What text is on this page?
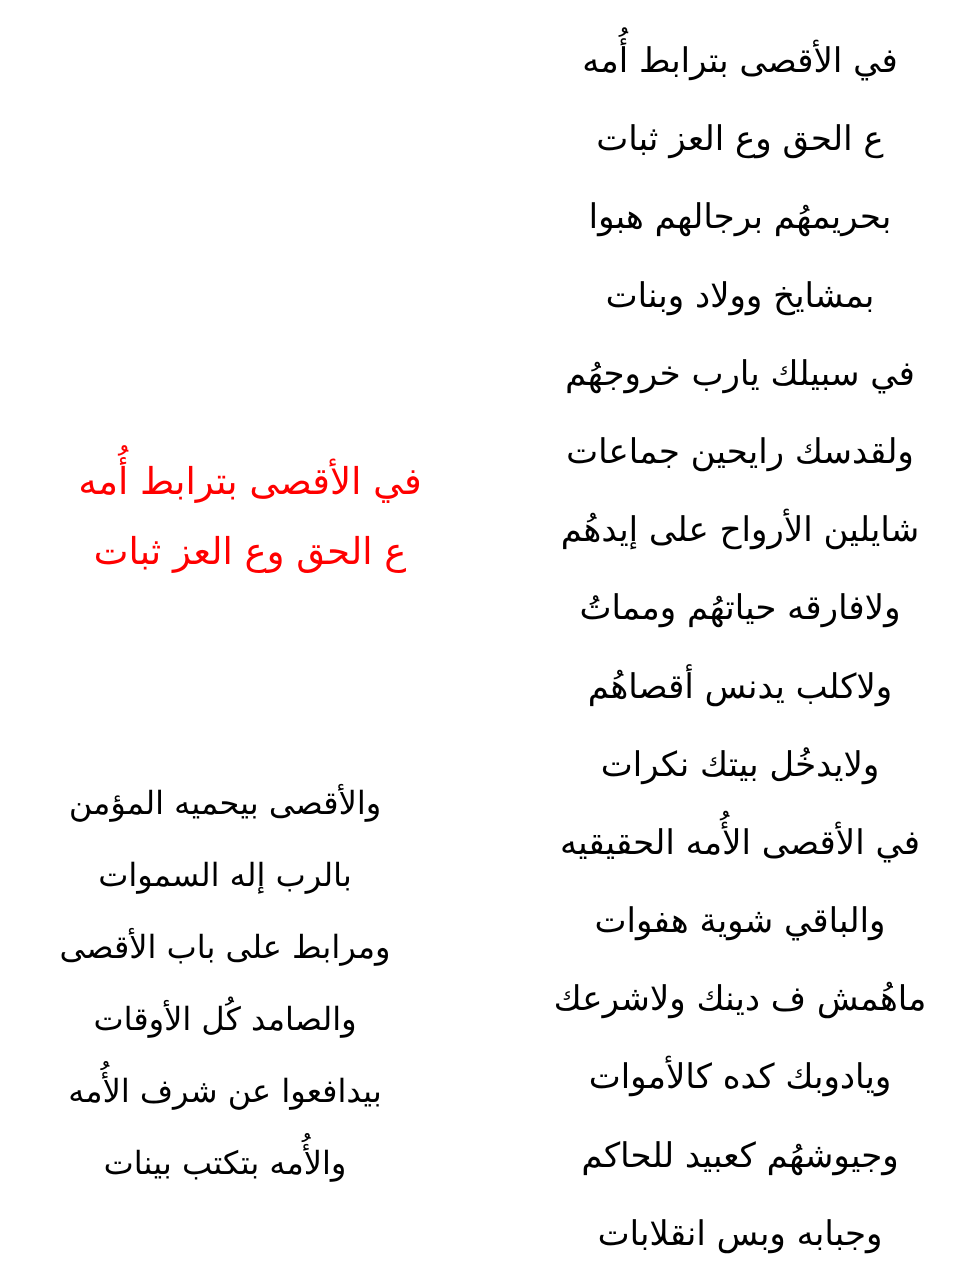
في الأقصى بترابط أُمه
ع الحق وع العز ثبات
بحريمهُم برجالهم هبوا
بمشايخ وولاد وبنات
في سبيلك يارب خروجهُم
ولقدسك رايحين جماعات
شايلين الأرواح على إيدهُم
ولافارقه حياتهُم ومماتُ
ولاكلب يدنس أقصاهُم
ولايدخُل بيتك نكرات
في الأقصى الأُمه الحقيقيه
والباقي شوية هفوات
ماهُمش ف دينك ولاشرعك
ويادوبك كده كالأموات
وجيوشهُم كعبيد للحاكم
وجبابه وبس انقلابات
في الأقصى بترابط أُمه
ع الحق وع العز ثبات
والأقصى بيحميه المؤمن
بالرب إله السموات
ومرابط على باب الأقصى
والصامد كُل الأوقات
بيدافعوا عن شرف الأُمه
والأُمه بتكتب بينات
